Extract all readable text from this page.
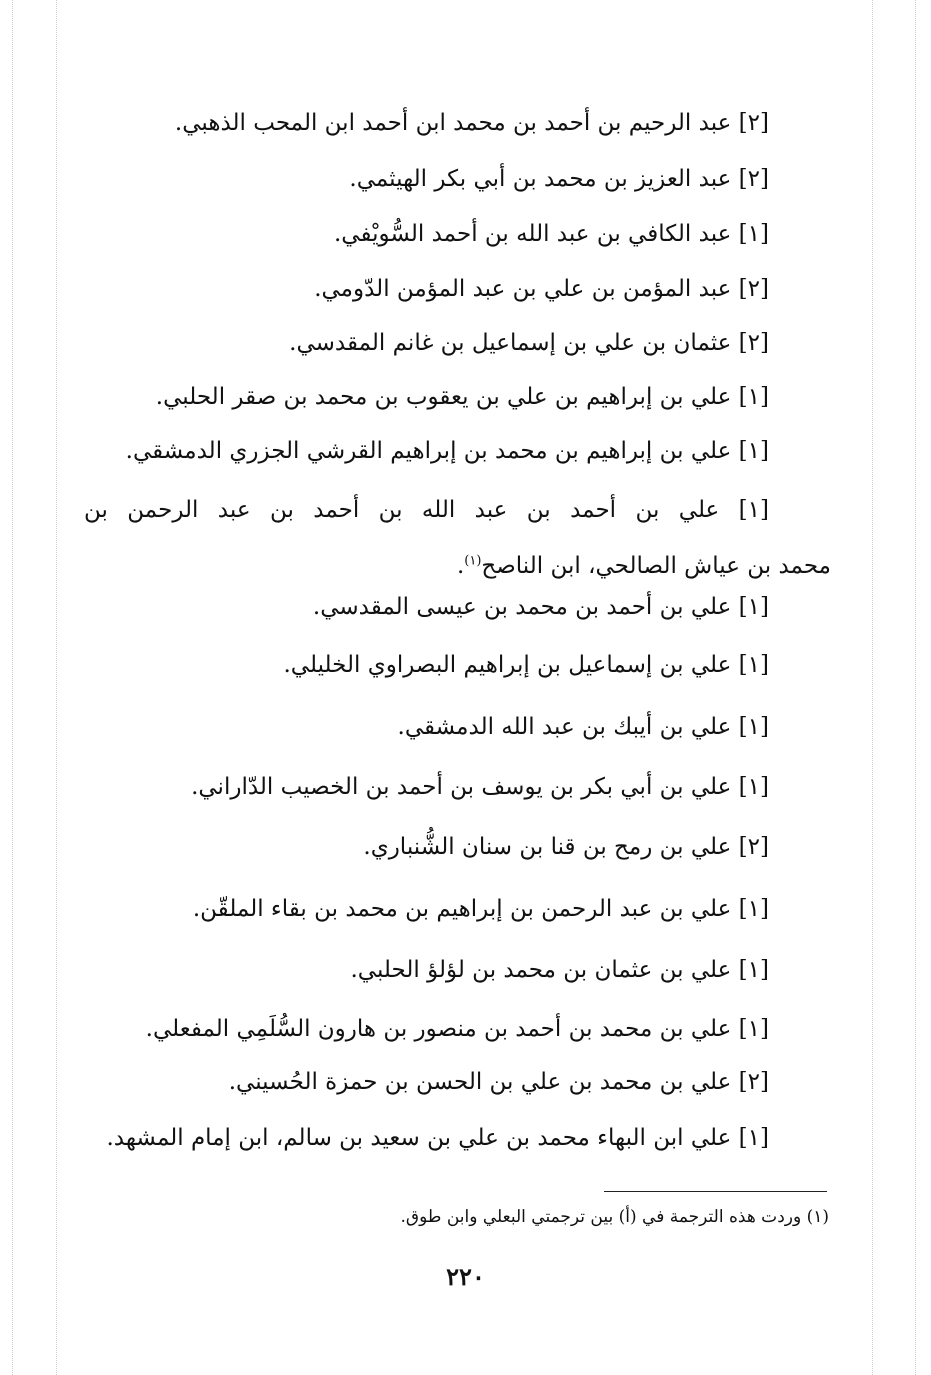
[٢] عبد الرحيم بن أحمد بن محمد ابن أحمد ابن المحب الذهبي.
[٢] عبد العزيز بن محمد بن أبي بكر الهيثمي.
[١] عبد الكافي بن عبد الله بن أحمد السُّويْفي.
[٢] عبد المؤمن بن علي بن عبد المؤمن الدّومي.
[٢] عثمان بن علي بن إسماعيل بن غانم المقدسي.
[١] علي بن إبراهيم بن علي بن يعقوب بن محمد بن صقر الحلبي.
[١] علي بن إبراهيم بن محمد بن إبراهيم القرشي الجزري الدمشقي.
[١] علي بن أحمد بن عبد الله بن أحمد بن عبد الرحمن بن
محمد بن عياش الصالحي، ابن الناصح$^{(١)}$.
[١] علي بن أحمد بن محمد بن عيسى المقدسي.
[١] علي بن إسماعيل بن إبراهيم البصراوي الخليلي.
[١] علي بن أيبك بن عبد الله الدمشقي.
[١] علي بن أبي بكر بن يوسف بن أحمد بن الخصيب الدّاراني.
[٢] علي بن رمح بن قنا بن سنان الشُّنباري.
[١] علي بن عبد الرحمن بن إبراهيم بن محمد بن بقاء الملقّن.
[١] علي بن عثمان بن محمد بن لؤلؤ الحلبي.
[١] علي بن محمد بن أحمد بن منصور بن هارون السُّلَمِي المفعلي.
[٢] علي بن محمد بن علي بن الحسن بن حمزة الحُسيني.
[١] علي ابن البهاء محمد بن علي بن سعيد بن سالم، ابن إمام المشهد.
(١) وردت هذه الترجمة في (أ) بين ترجمتي البعلي وابن طوق.
٢٢٠
